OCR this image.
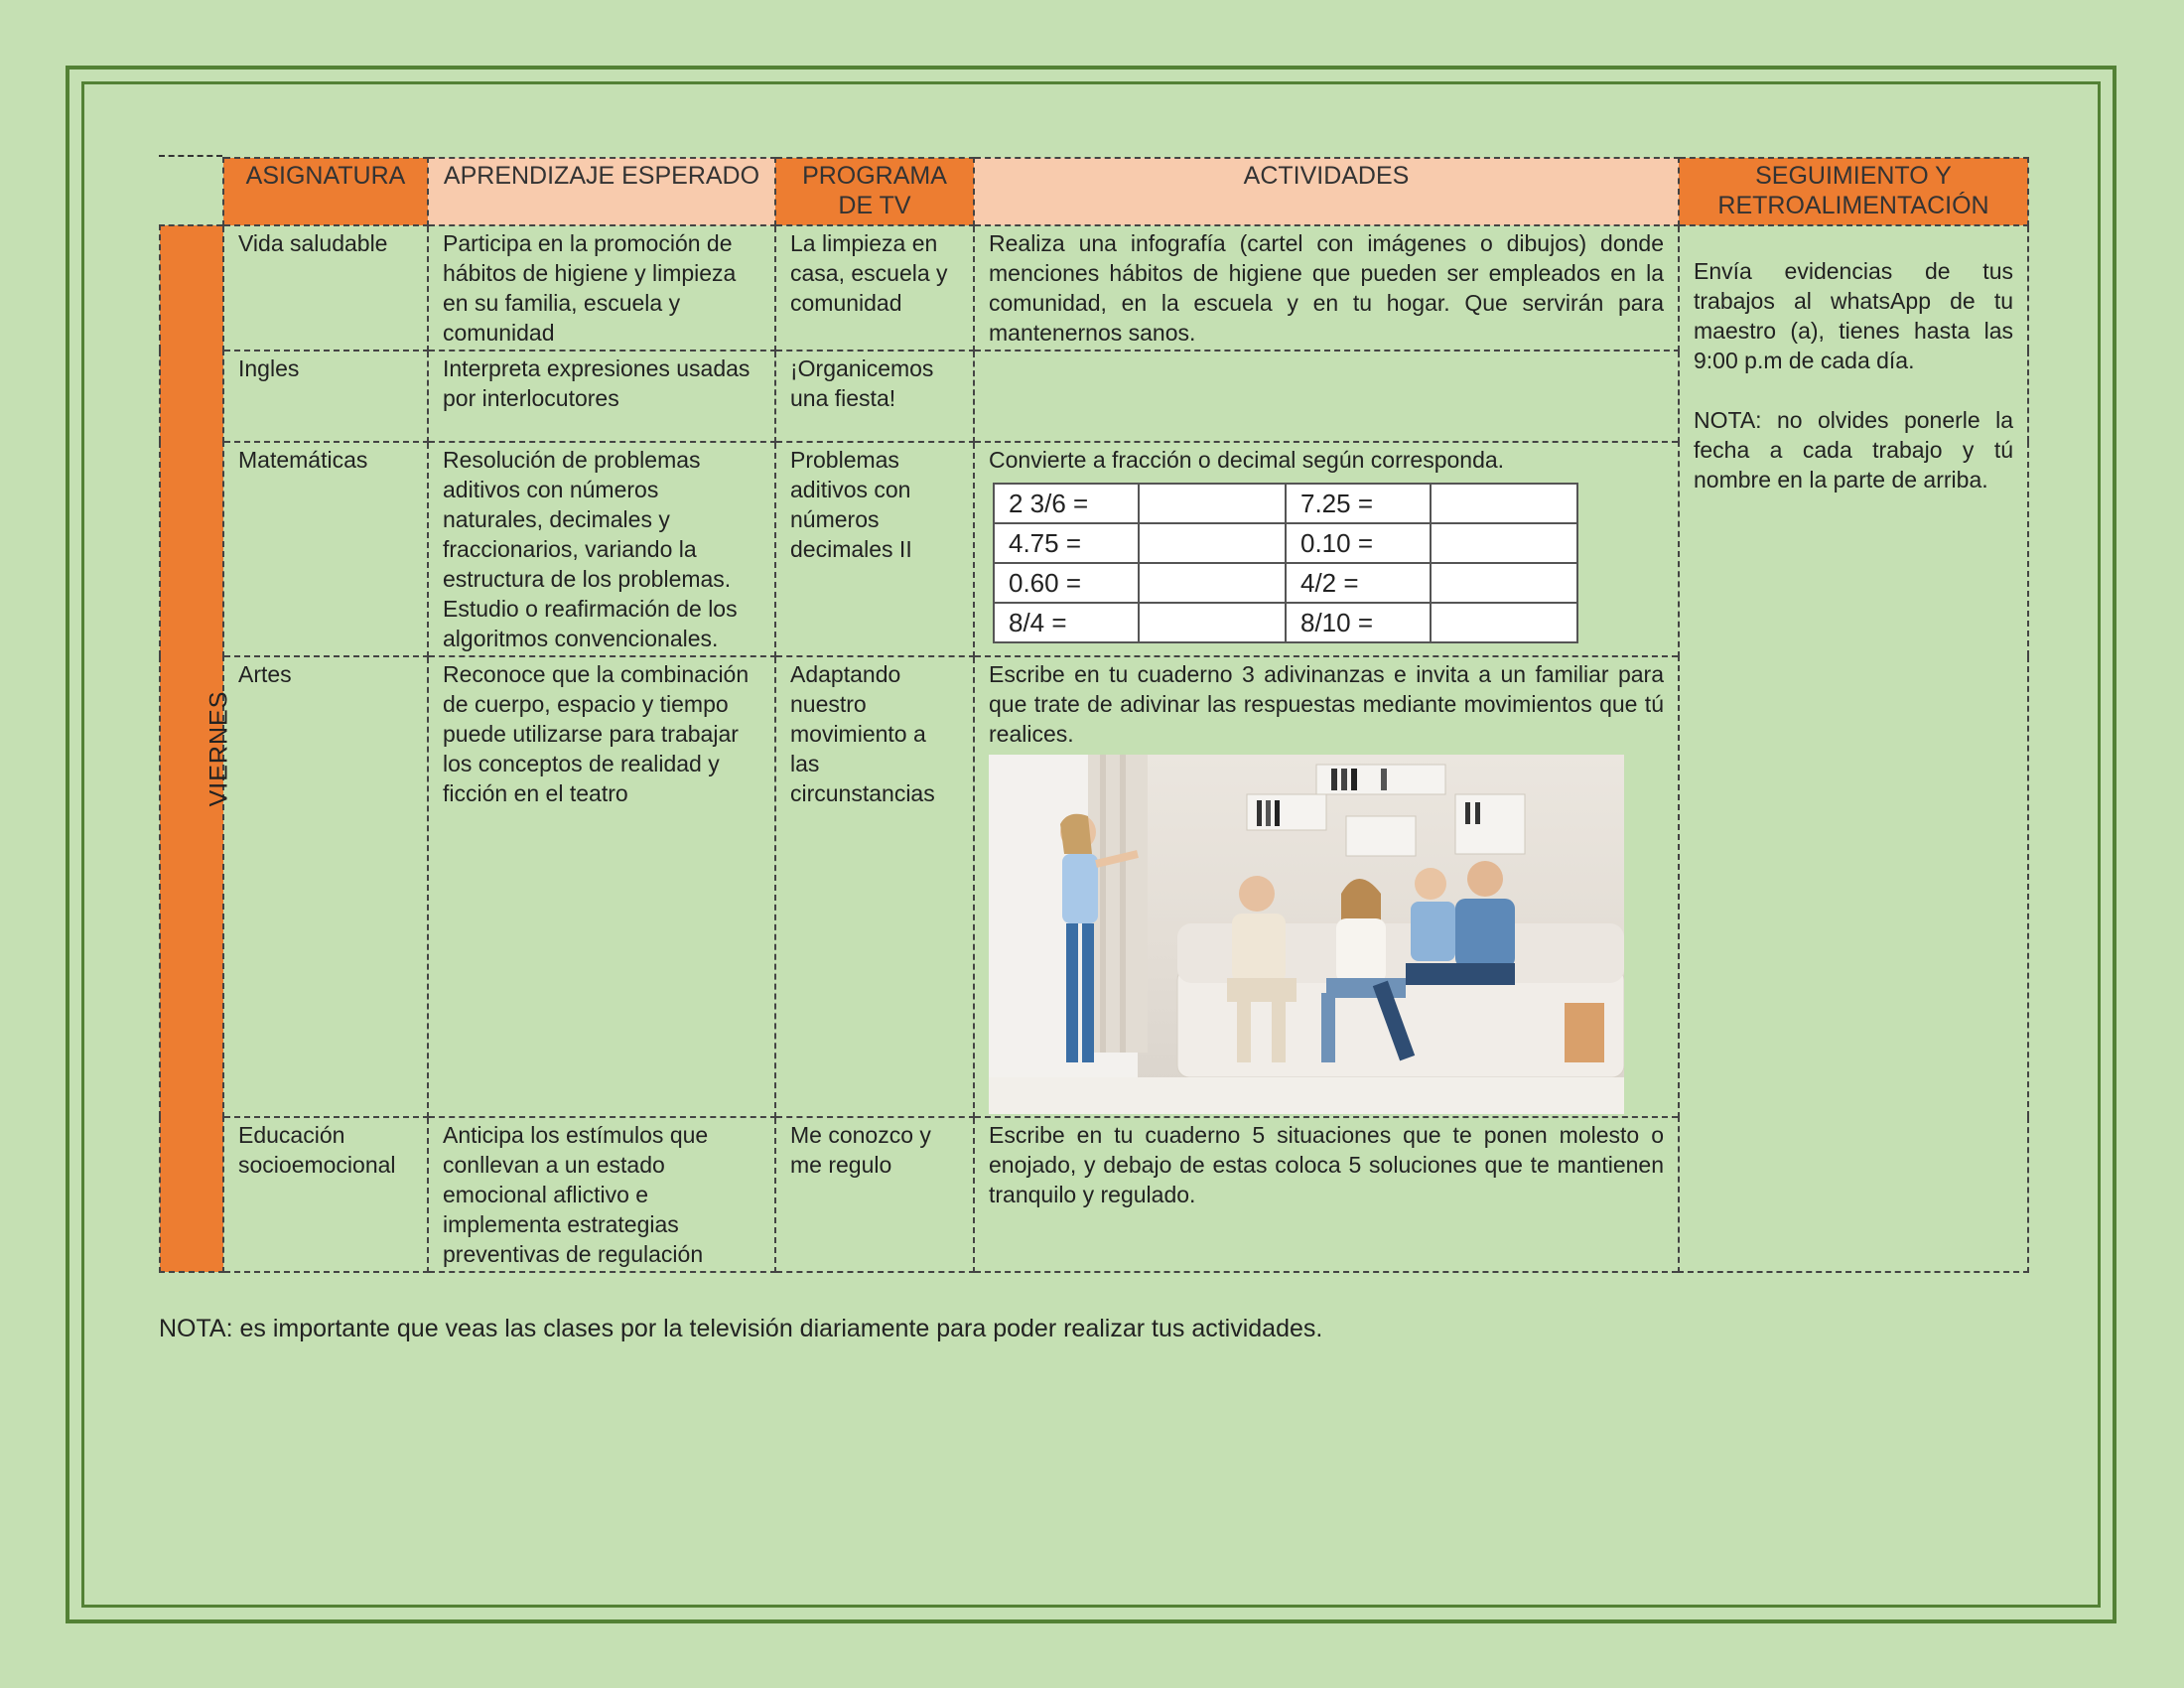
	ASIGNATURA	APRENDIZAJE ESPERADO	PROGRAMA DE TV	ACTIVIDADES	SEGUIMIENTO Y RETROALIMENTACIÓN
VIERNES	Vida saludable	Participa en la promoción de hábitos de higiene y limpieza en su familia, escuela y comunidad	La limpieza en casa, escuela y comunidad	Realiza una infografía (cartel con imágenes o dibujos) donde menciones hábitos de higiene que pueden ser empleados en la comunidad, en la escuela y en tu hogar. Que servirán para mantenernos sanos.	
Envía evidencias de tus trabajos al whatsApp de tu maestro (a), tienes hasta las 9:00 p.m de cada día.
NOTA: no olvides ponerle la fecha a cada trabajo y tú nombre en la parte de arriba.

Ingles	Interpreta expresiones usadas por interlocutores	¡Organicemos una fiesta!	
Matemáticas	Resolución de problemas aditivos con números naturales, decimales y fraccionarios, variando la estructura de los problemas. Estudio o reafirmación de los algoritmos convencionales.	Problemas aditivos con números decimales II	
Convierte a fracción o decimal según corresponda.
2 3/6 =		7.25 =	
4.75 =		0.10 =	
0.60 =		4/2 =	
8/4 =		8/10 =	

Artes	Reconoce que la combinación de cuerpo, espacio y tiempo puede utilizarse para trabajar los conceptos de realidad y ficción en el teatro	Adaptando nuestro movimiento a las circunstancias	
Escribe en tu cuaderno 3 adivinanzas e invita a un familiar para que trate de adivinar las respuestas mediante movimientos que tú realices.

Educación socioemocional	Anticipa los estímulos que conllevan a un estado emocional aflictivo e implementa estrategias preventivas de regulación	Me conozco y me regulo	Escribe en tu cuaderno 5 situaciones que te ponen molesto o enojado, y debajo de estas coloca 5 soluciones que te mantienen tranquilo y regulado.
NOTA: es importante que veas las clases por la televisión diariamente para poder realizar tus actividades.
